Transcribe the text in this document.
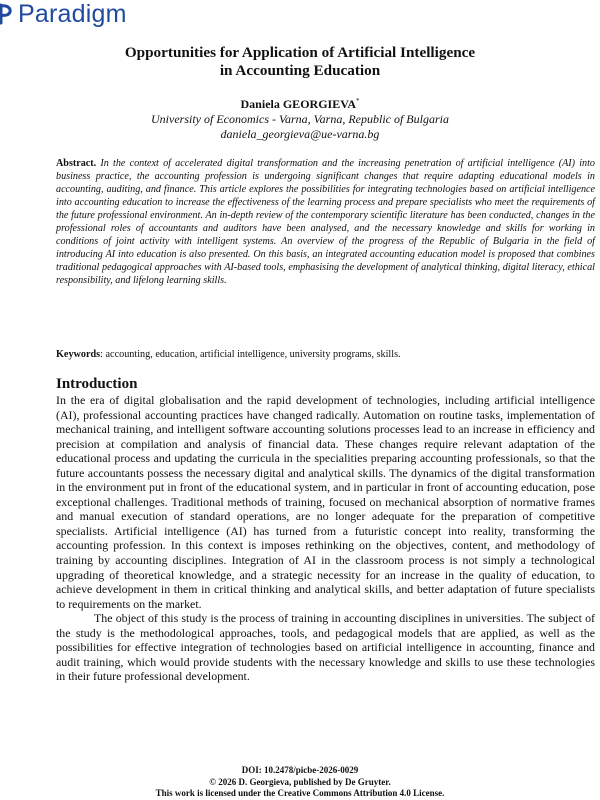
Paradigm
Opportunities for Application of Artificial Intelligence
in Accounting Education
Daniela GEORGIEVA*
University of Economics - Varna, Varna, Republic of Bulgaria
daniela_georgieva@ue-varna.bg

Abstract. In the context of accelerated digital transformation and the increasing penetration of artificial intelligence (AI) into business practice, the accounting profession is undergoing significant changes that require adapting educational models in accounting, auditing, and finance. This article explores the possibilities for integrating technologies based on artificial intelligence into accounting education to increase the effectiveness of the learning process and prepare specialists who meet the requirements of the future professional environment. An in-depth review of the contemporary scientific literature has been conducted, changes in the professional roles of accountants and auditors have been analysed, and the necessary knowledge and skills for working in conditions of joint activity with intelligent systems. An overview of the progress of the Republic of Bulgaria in the field of introducing AI into education is also presented. On this basis, an integrated accounting education model is proposed that combines traditional pedagogical approaches with AI-based tools, emphasising the development of analytical thinking, digital literacy, ethical responsibility, and lifelong learning skills.

Keywords: accounting, education, artificial intelligence, university programs, skills.

Introduction

In the era of digital globalisation and the rapid development of technologies, including artificial intelligence (AI), professional accounting practices have changed radically. Automation on routine tasks, implementation of mechanical training, and intelligent software accounting solutions processes lead to an increase in efficiency and precision at compilation and analysis of financial data. These changes require relevant adaptation of the educational process and updating the curricula in the specialities preparing accounting professionals, so that the future accountants possess the necessary digital and analytical skills. The dynamics of the digital transformation in the environment put in front of the educational system, and in particular in front of accounting education, pose exceptional challenges. Traditional methods of training, focused on mechanical absorption of normative frames and manual execution of standard operations, are no longer adequate for the preparation of competitive specialists. Artificial intelligence (AI) has turned from a futuristic concept into reality, transforming the accounting profession. In this context is imposes rethinking on the objectives, content, and methodology of training by accounting disciplines. Integration of AI in the classroom process is not simply a technological upgrading of theoretical knowledge, and a strategic necessity for an increase in the quality of education, to achieve development in them in critical thinking and analytical skills, and better adaptation of future specialists to requirements on the market.

The object of this study is the process of training in accounting disciplines in universities. The subject of the study is the methodological approaches, tools, and pedagogical models that are applied, as well as the possibilities for effective integration of technologies based on artificial intelligence in accounting, finance and audit training, which would provide students with the necessary knowledge and skills to use these technologies in their future professional development.

DOI: 10.2478/picbe-2026-0029
© 2026 D. Georgieva, published by De Gruyter.
This work is licensed under the Creative Commons Attribution 4.0 License.
